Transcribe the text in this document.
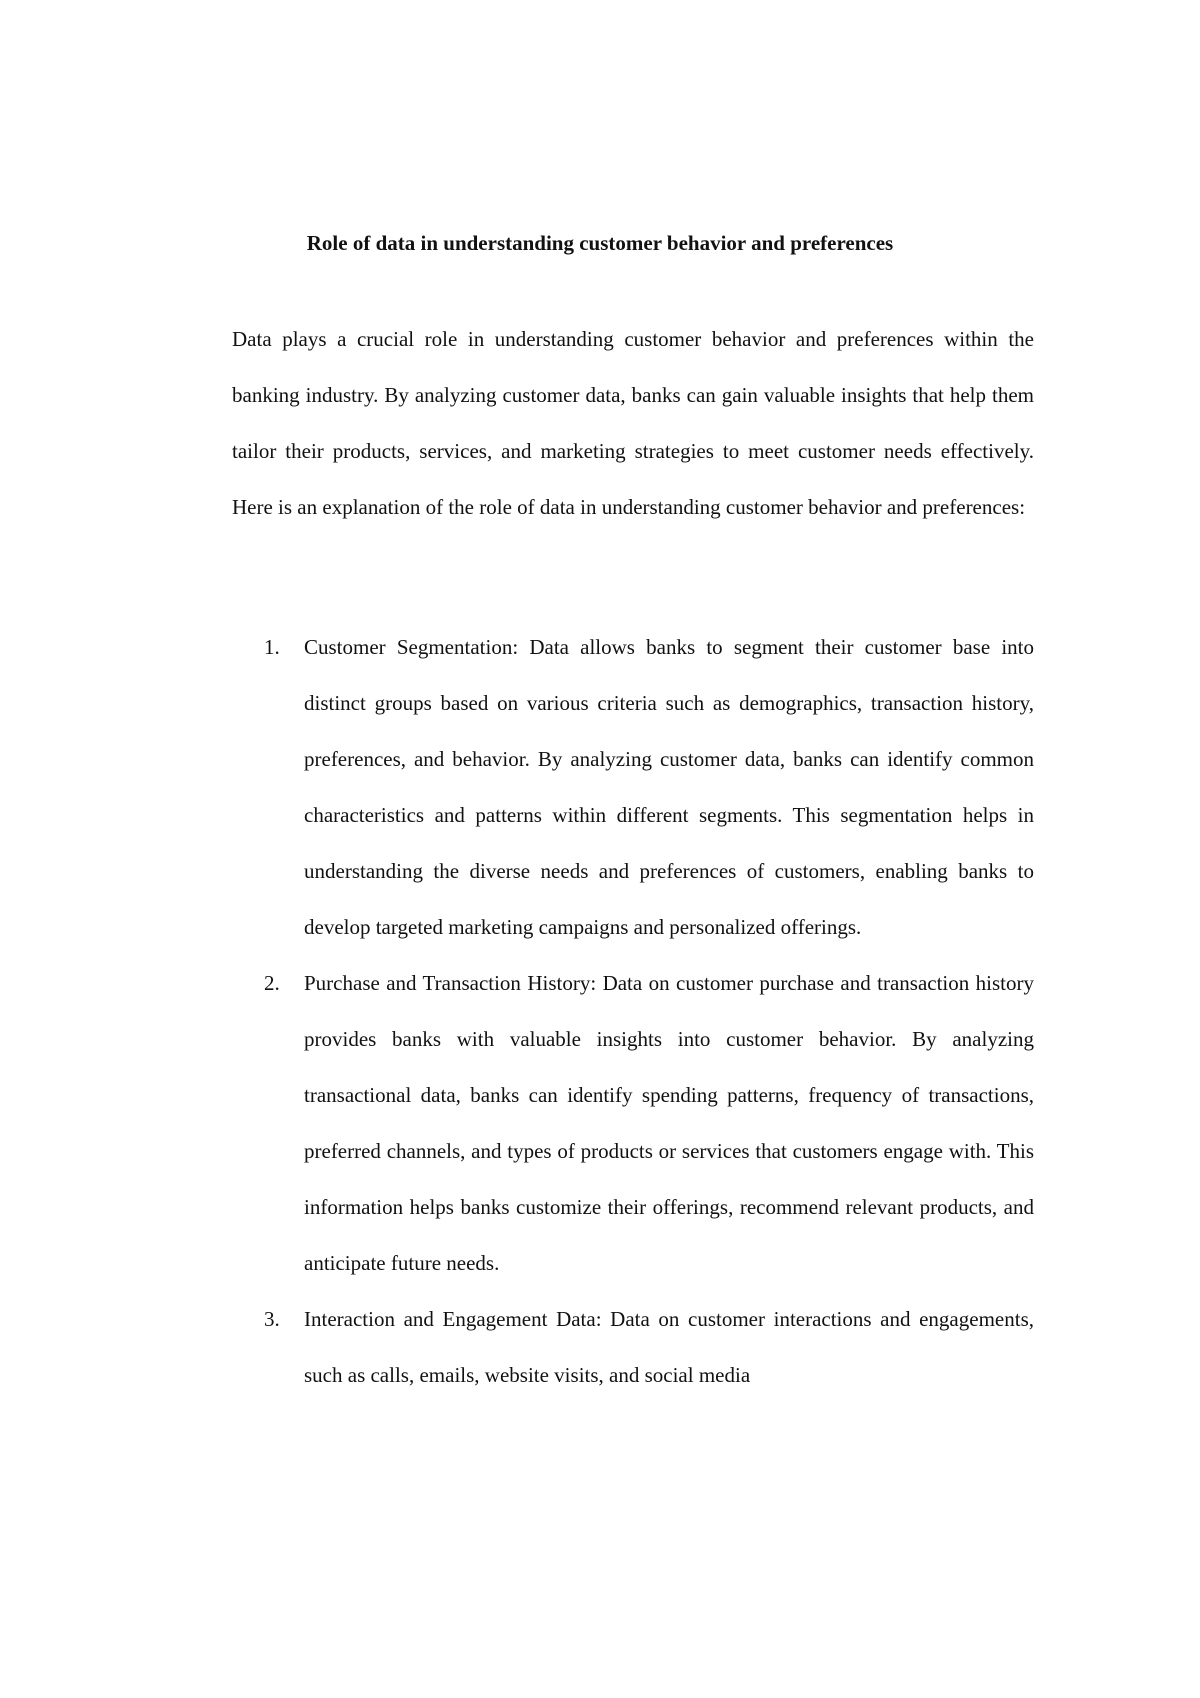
Role of data in understanding customer behavior and preferences

Data plays a crucial role in understanding customer behavior and preferences within the banking industry. By analyzing customer data, banks can gain valuable insights that help them tailor their products, services, and marketing strategies to meet customer needs effectively. Here is an explanation of the role of data in understanding customer behavior and preferences:

1.	Customer Segmentation: Data allows banks to segment their customer base into distinct groups based on various criteria such as demographics, transaction history, preferences, and behavior. By analyzing customer data, banks can identify common characteristics and patterns within different segments. This segmentation helps in understanding the diverse needs and preferences of customers, enabling banks to develop targeted marketing campaigns and personalized offerings.
2.	Purchase and Transaction History: Data on customer purchase and transaction history provides banks with valuable insights into customer behavior. By analyzing transactional data, banks can identify spending patterns, frequency of transactions, preferred channels, and types of products or services that customers engage with. This information helps banks customize their offerings, recommend relevant products, and anticipate future needs.
3.	Interaction and Engagement Data: Data on customer interactions and engagements, such as calls, emails, website visits, and social media
